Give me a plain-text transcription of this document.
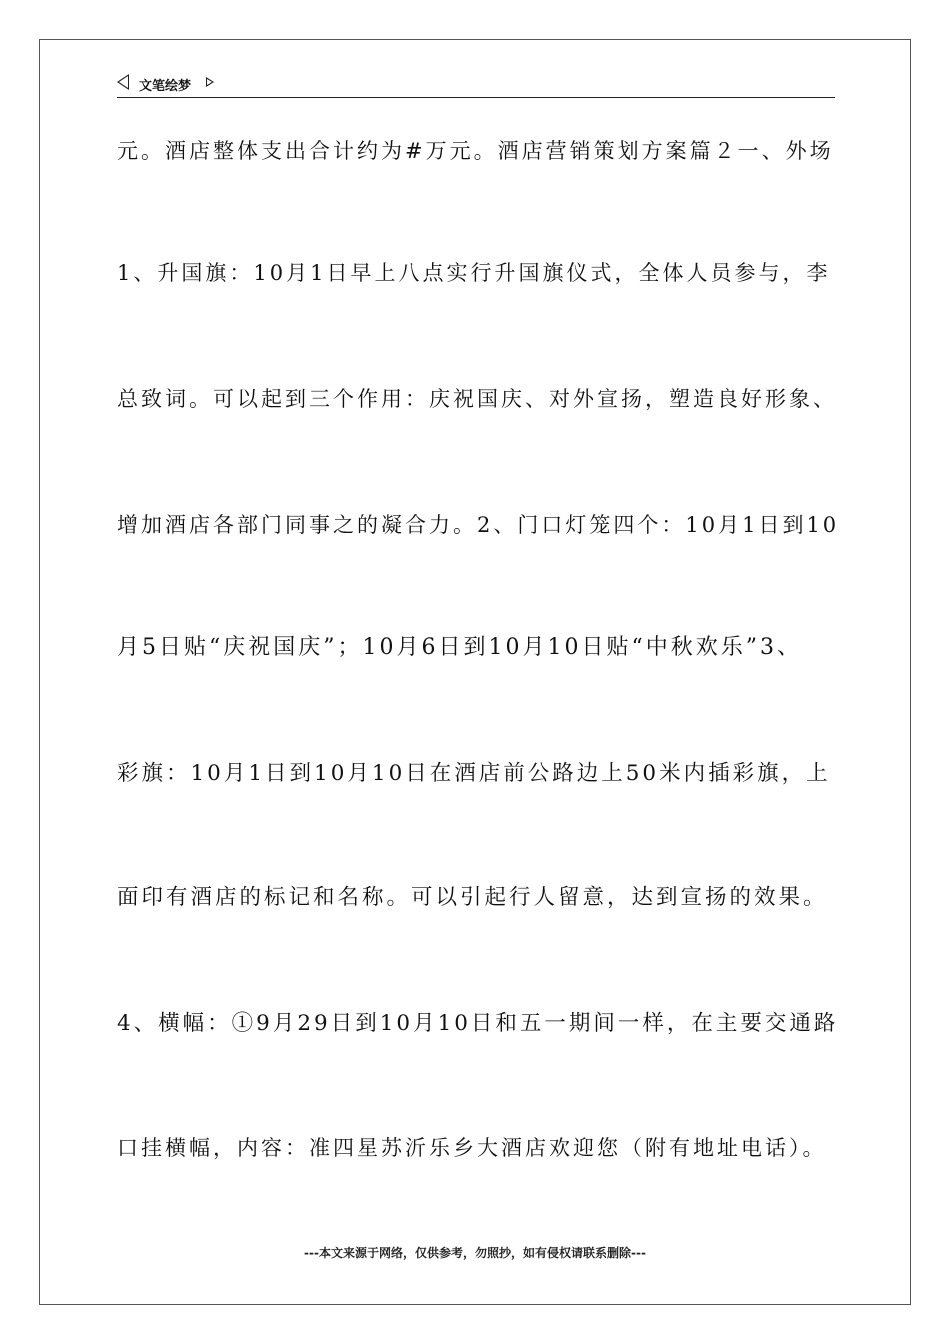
文笔绘梦
元。酒店整体支出合计约为#万元。酒店营销策划方案篇２一、外场
1、升国旗：10月1日早上八点实行升国旗仪式，全体人员参与，李
总致词。可以起到三个作用：庆祝国庆、对外宣扬，塑造良好形象、
增加酒店各部门同事之的凝合力。2、门口灯笼四个：10月1日到10
月5日贴“庆祝国庆”；10月6日到10月10日贴“中秋欢乐”3、
彩旗：10月1日到10月10日在酒店前公路边上50米内插彩旗，上
面印有酒店的标记和名称。可以引起行人留意，达到宣扬的效果。
4、横幅：①9月29日到10月10日和五一期间一样，在主要交通路
口挂横幅，内容：准四星苏沂乐乡大酒店欢迎您（附有地址电话）。
---本文来源于网络，仅供参考，勿照抄，如有侵权请联系删除---
